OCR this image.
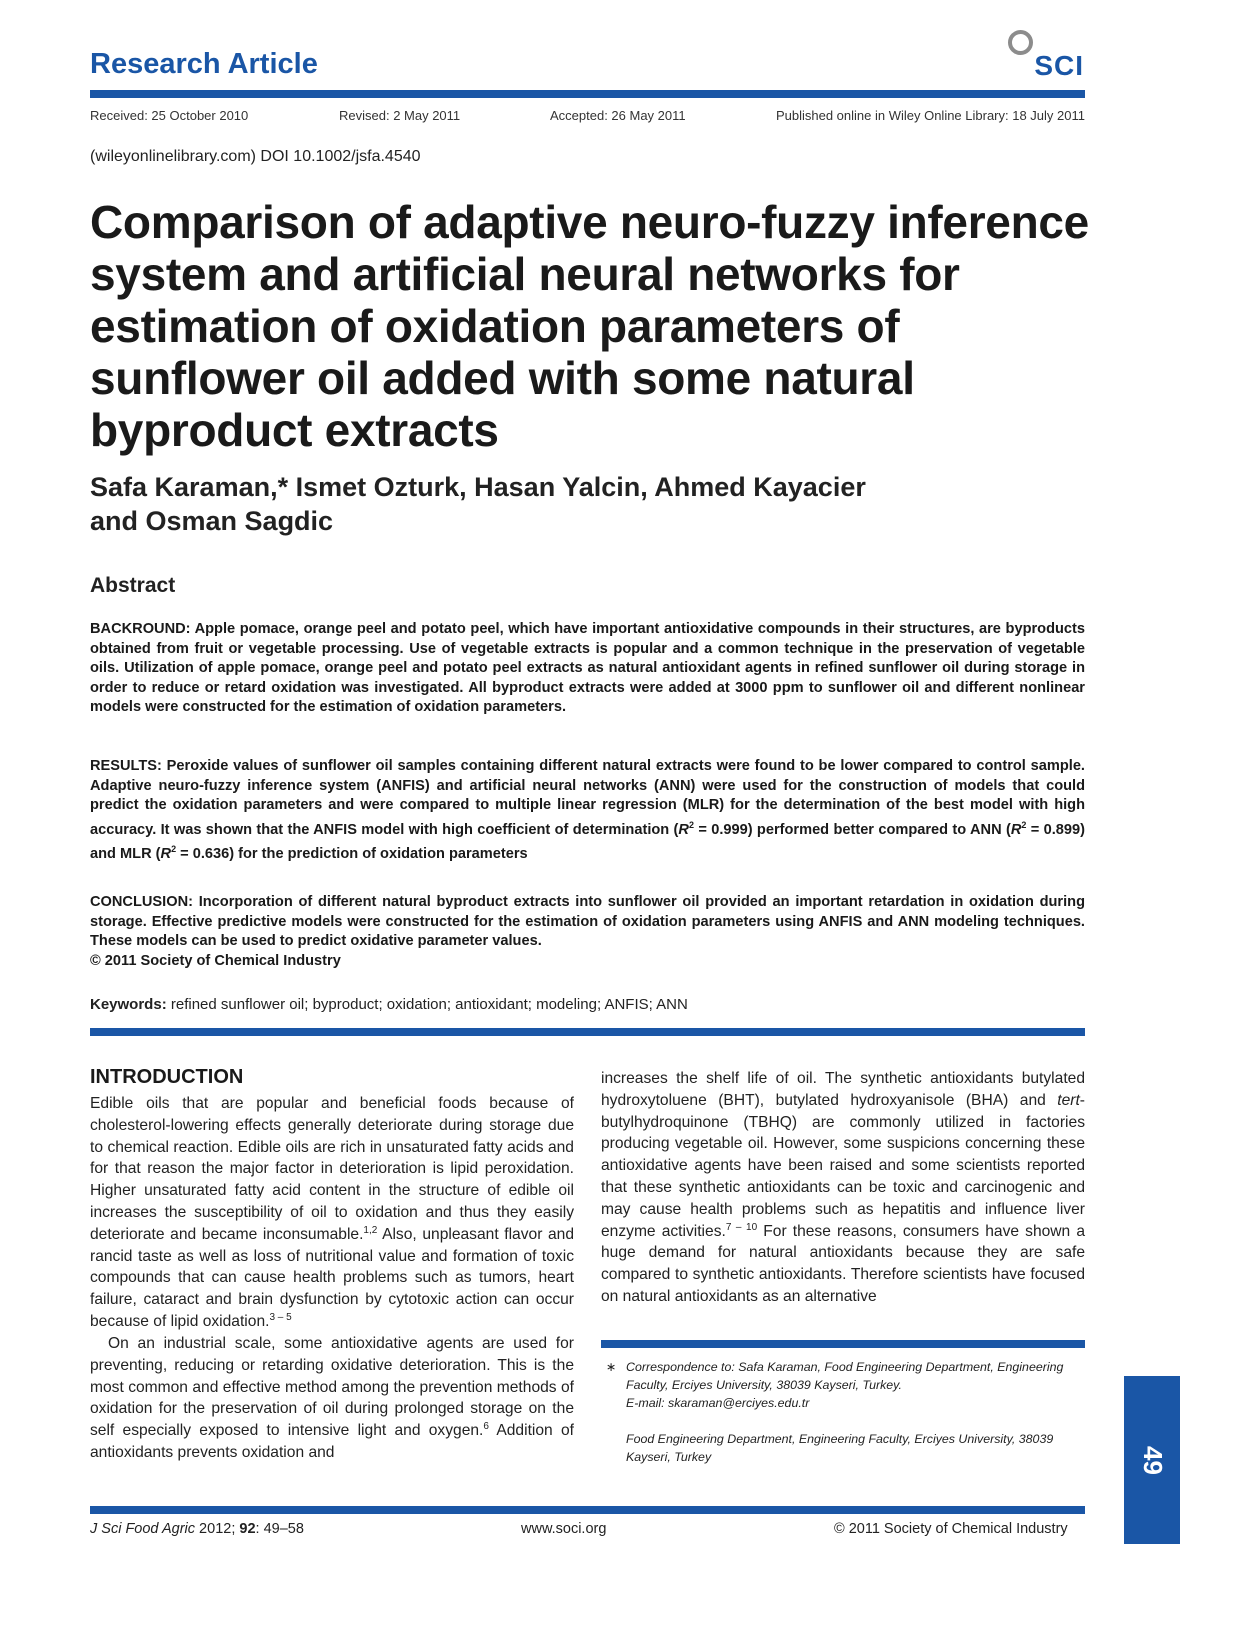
Research Article	SCI
Received: 25 October 2010	Revised: 2 May 2011	Accepted: 26 May 2011	Published online in Wiley Online Library: 18 July 2011
(wileyonlinelibrary.com) DOI 10.1002/jsfa.4540
Comparison of adaptive neuro-fuzzy inference system and artificial neural networks for estimation of oxidation parameters of sunflower oil added with some natural byproduct extracts
Safa Karaman,* Ismet Ozturk, Hasan Yalcin, Ahmed Kayacier
and Osman Sagdic
Abstract

BACKROUND: Apple pomace, orange peel and potato peel, which have important antioxidative compounds in their structures, are byproducts obtained from fruit or vegetable processing. Use of vegetable extracts is popular and a common technique in the preservation of vegetable oils. Utilization of apple pomace, orange peel and potato peel extracts as natural antioxidant agents in refined sunflower oil during storage in order to reduce or retard oxidation was investigated. All byproduct extracts were added at 3000 ppm to sunflower oil and different nonlinear models were constructed for the estimation of oxidation parameters.

RESULTS: Peroxide values of sunflower oil samples containing different natural extracts were found to be lower compared to control sample. Adaptive neuro-fuzzy inference system (ANFIS) and artificial neural networks (ANN) were used for the construction of models that could predict the oxidation parameters and were compared to multiple linear regression (MLR) for the determination of the best model with high accuracy. It was shown that the ANFIS model with high coefficient of determination $(R^2 = 0.999)$ performed better compared to ANN $(R^2 = 0.899)$ and MLR $(R^2 = 0.636)$ for the prediction of oxidation parameters

CONCLUSION: Incorporation of different natural byproduct extracts into sunflower oil provided an important retardation in oxidation during storage. Effective predictive models were constructed for the estimation of oxidation parameters using ANFIS and ANN modeling techniques. These models can be used to predict oxidative parameter values.
© 2011 Society of Chemical Industry

Keywords: refined sunflower oil; byproduct; oxidation; antioxidant; modeling; ANFIS; ANN
INTRODUCTION

Edible oils that are popular and beneficial foods because of cholesterol-lowering effects generally deteriorate during storage due to chemical reaction. Edible oils are rich in unsaturated fatty acids and for that reason the major factor in deterioration is lipid peroxidation. Higher unsaturated fatty acid content in the structure of edible oil increases the susceptibility of oil to oxidation and thus they easily deteriorate and became inconsumable.$^{1,2}$ Also, unpleasant flavor and rancid taste as well as loss of nutritional value and formation of toxic compounds that can cause health problems such as tumors, heart failure, cataract and brain dysfunction by cytotoxic action can occur because of lipid oxidation.$^{3 - 5}$

On an industrial scale, some antioxidative agents are used for preventing, reducing or retarding oxidative deterioration. This is the most common and effective method among the prevention methods of oxidation for the preservation of oil during prolonged storage on the self especially exposed to intensive light and oxygen.$^6$ Addition of antioxidants prevents oxidation and

increases the shelf life of oil. The synthetic antioxidants butylated hydroxytoluene (BHT), butylated hydroxyanisole (BHA) and tert-butylhydroquinone (TBHQ) are commonly utilized in factories producing vegetable oil. However, some suspicions concerning these antioxidative agents have been raised and some scientists reported that these synthetic antioxidants can be toxic and carcinogenic and may cause health problems such as hepatitis and influence liver enzyme activities.$^{7 - 10}$ For these reasons, consumers have shown a huge demand for natural antioxidants because they are safe compared to synthetic antioxidants. Therefore scientists have focused on natural antioxidants as an alternative

∗ Correspondence to: Safa Karaman, Food Engineering Department, Engineering Faculty, Erciyes University, 38039 Kayseri, Turkey.
E-mail: skaraman@erciyes.edu.tr
Food Engineering Department, Engineering Faculty, Erciyes University, 38039 Kayseri, Turkey	49
J Sci Food Agric 2012; 92: 49–58	www.soci.org	© 2011 Society of Chemical Industry
